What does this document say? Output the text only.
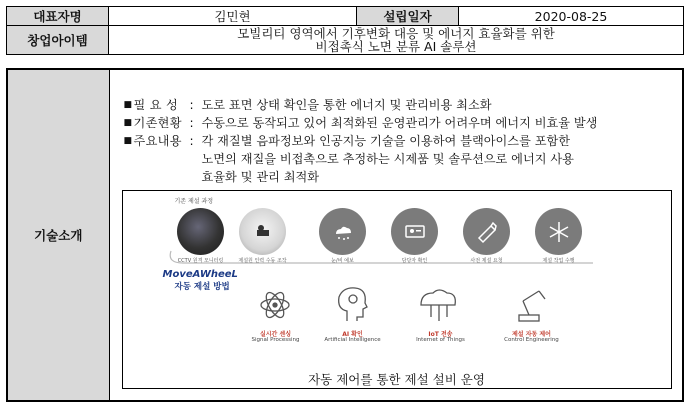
대표자명	김민현	설립일자	2020-08-25
창업아이템	모빌리티 영역에서 기후변화 대응 및 에너지 효율화를 위한
비접촉식 노면 분류 AI 솔루션		
기술소개	
■ 필 요 성 : 도로 표면 상태 확인을 통한 에너지 및 관리비용 최소화
■ 기존현황 : 수동으로 동작되고 있어 최적화된 운영관리가 어려우며 에너지 비효율 발생
■ 주요내용 : 각 재질별 음파정보와 인공지능 기술을 이용하여 블랙아이스를 포함한
노면의 재질을 비접촉으로 추정하는 시제품 및 솔루션으로 에너지 사용
효율화 및 관리 최적화
기존 제설 과정
CCTV 원격 모니터링	제설원 인력 수동 조작	눈/비 예보	담당자 확인	사전 제설 요청	제설 작업 수행
MoveAWheeL
자동 제설 방법
실시간 센싱
Signal Processing
AI 확인
Artificial Intelligence
IoT 전송
Internet of Things
제설 자동 제어
Control Engineering
자동 제어를 통한 제설 설비 운영
